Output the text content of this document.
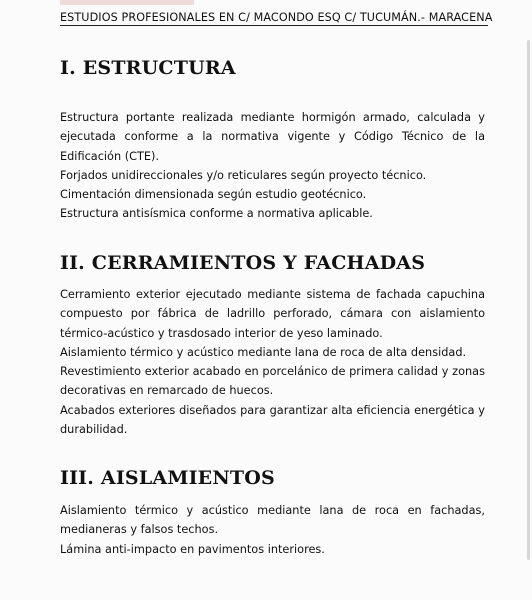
ESTUDIOS PROFESIONALES EN C/ MACONDO ESQ C/ TUCUMÁN.- MARACENA
I. ESTRUCTURA

Estructura portante realizada mediante hormigón armado, calculada y ejecutada conforme a la normativa vigente y Código Técnico de la Edificación (CTE).

Forjados unidireccionales y/o reticulares según proyecto técnico.

Cimentación dimensionada según estudio geotécnico.

Estructura antisísmica conforme a normativa aplicable.

II. CERRAMIENTOS Y FACHADAS

Cerramiento exterior ejecutado mediante sistema de fachada capuchina compuesto por fábrica de ladrillo perforado, cámara con aislamiento térmico-acústico y trasdosado interior de yeso laminado.

Aislamiento térmico y acústico mediante lana de roca de alta densidad.

Revestimiento exterior acabado en porcelánico de primera calidad y zonas decorativas en remarcado de huecos.

Acabados exteriores diseñados para garantizar alta eficiencia energética y durabilidad.

III. AISLAMIENTOS

Aislamiento térmico y acústico mediante lana de roca en fachadas, medianeras y falsos techos.

Lámina anti-impacto en pavimentos interiores.
